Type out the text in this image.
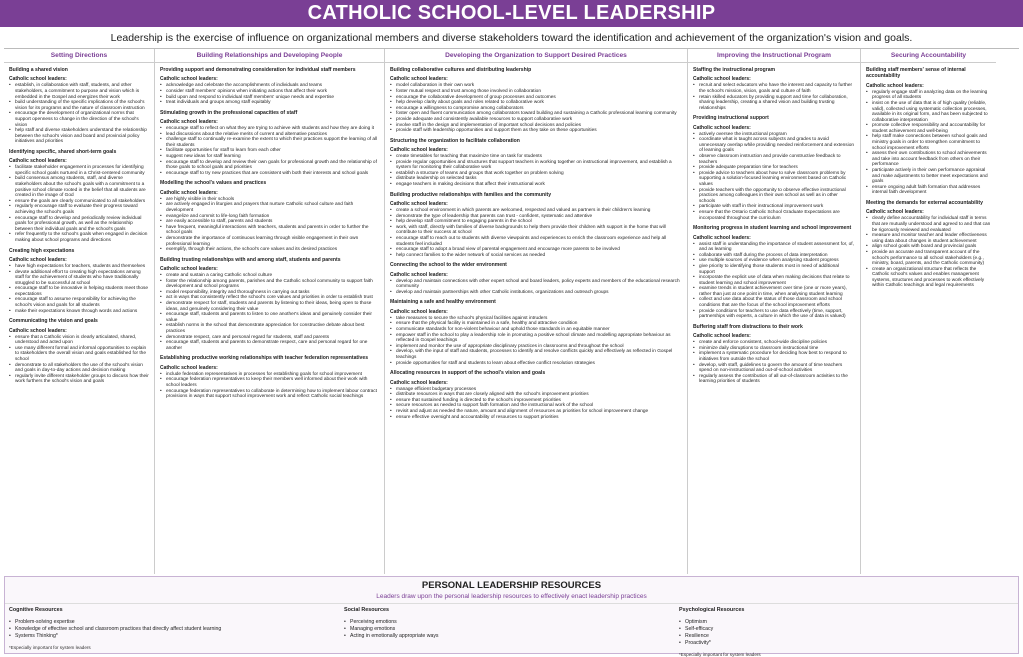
CATHOLIC SCHOOL-LEVEL LEADERSHIP
Leadership is the exercise of influence on organizational members and diverse stakeholders toward the identification and achievement of the organization's vision and goals.
Setting Directions
Building a shared vision
Catholic school leaders:
• establish, in collaboration with staff, students, and other stakeholders, a commitment to purpose and vision which is embedded in the Gospel and energizes their work
• build understanding of the specific implications of the school's vision for its programs and the nature of classroom instruction
• encourage the development of organizational norms that support openness to change in the direction of the school's vision
• help staff and diverse stakeholders understand the relationship between the school's vision and board and provincial policy initiatives and priorities
Identifying specific, shared short-term goals
Catholic school leaders:
• facilitate stakeholder engagement in processes for identifying specific school goals nurtured in a Christ-centered community
• build consensus among students, staff, and diverse stakeholders about the school's goals with a commitment to a positive school climate rooted in the belief that all students are created in the image of God
• ensure the goals are clearly communicated to all stakeholders
• regularly encourage staff to evaluate their progress toward achieving the school's goals
• encourage staff to develop and periodically review individual goals for professional growth, as well as the relationship between their individual goals and the school's goals
• refer frequently to the school's goals when engaged in decision making about school programs and directions
Creating high expectations
Catholic school leaders:
• have high expectations for teachers, students and themselves
• devote additional effort to creating high expectations among staff for the achievement of students who have traditionally struggled to be successful at school
• encourage staff to be innovative in helping students meet those expectations
• encourage staff to assume responsibility for achieving the school's vision and goals for all students
• make their expectations known through words and actions
Communicating the vision and goals
Catholic school leaders:
• ensure that a Catholic vision is clearly articulated, shared, understood and acted upon
• use many different formal and informal opportunities to explain to stakeholders the overall vision and goals established for the school
• demonstrate to all stakeholders the use of the school's vision and goals in day-to-day actions and decision making
• regularly invite different stakeholder groups to discuss how their work furthers the school's vision and goals
Building Relationships and Developing People
Providing support and demonstrating consideration for individual staff members
Catholic school leaders:
• acknowledge and celebrate the accomplishments of individuals and teams
• consider staff members' opinions when initiating actions that affect their work
• build upon and respond to individual staff members' unique needs and expertise
• treat individuals and groups among staff equitably
Stimulating growth in the professional capacities of staff
Catholic school leaders:
• encourage staff to reflect on what they are trying to achieve with students and how they are doing it
• lead discussions about the relative merits of current and alternative practices
• challenge staff to continually re-examine the extent to which their practices support the learning of all their students
• facilitate opportunities for staff to learn from each other
• suggest new ideas for staff learning
• encourage staff to develop and review their own goals for professional growth and the relationship of those goals to school goals and priorities
• encourage staff to try new practices that are consistent with both their interests and school goals
Modelling the school's values and practices
Catholic school leaders:
• are highly visible in their schools
• are actively engaged in liturgies and prayers that nurture Catholic school culture and faith development
• evangelize and commit to life-long faith formation
• are easily accessible to staff, parents and students
• have frequent, meaningful interactions with teachers, students and parents in order to further the school goals
• demonstrate the importance of continuous learning through visible engagement in their own professional learning
• exemplify, through their actions, the school's core values and its desired practices
Building trusting relationships with and among staff, students and parents
Catholic school leaders:
• create and sustain a caring Catholic school culture
• foster the relationship among parents, parishes and the Catholic school community to support faith development and school programs
• model responsibility, integrity and thoroughness in carrying out tasks
• act in ways that consistently reflect the school's core values and priorities in order to establish trust
• demonstrate respect for staff, students and parents by listening to their ideas, being open to those ideas, and genuinely considering their value
• encourage staff, students and parents to listen to one another's ideas and genuinely consider their value
• establish norms in the school that demonstrate appreciation for constructive debate about best practices
• demonstrate respect, care and personal regard for students, staff and parents
• encourage staff, students and parents to demonstrate respect, care and personal regard for one another
Establishing productive working relationships with teacher federation representatives
Catholic school leaders:
• include federation representatives in processes for establishing goals for school improvement
• encourage federation representatives to keep their members well informed about their work with school leaders
• encourage federation representatives to collaborate in determining how to implement labour contract provisions in ways that support school improvement work and reflect Catholic social teachings
Developing the Organization to Support Desired Practices
Building collaborative cultures and distributing leadership
Catholic school leaders:
• model collaboration in their own work
• foster mutual respect and trust among those involved in collaboration
• encourage the collaborative development of group processes and outcomes
• help develop clarity about goals and roles related to collaborative work
• encourage a willingness to compromise among collaborators
• foster open and fluent communication among collaborators toward building and sustaining a Catholic professional learning community
• provide adequate and consistently available resources to support collaborative work
• involve staff in the design and implementation of important school decisions and policies
• provide staff with leadership opportunities and support them as they take on these opportunities
Structuring the organization to facilitate collaboration
Catholic school leaders:
• create timetables for teaching that maximize time on task for students
• provide regular opportunities and structures that support teachers in working together on instructional improvement, and establish a system for monitoring their collaborative work
• establish a structure of teams and groups that work together on problem solving
• distribute leadership on selected tasks
• engage teachers in making decisions that affect their instructional work
Building productive relationships with families and the community
Catholic school leaders:
• create a school environment in which parents are welcomed, respected and valued as partners in their children's learning
• demonstrate the type of leadership that parents can trust - confident, systematic and attentive
• help develop staff commitment to engaging parents in the school
• work, with staff, directly with families of diverse backgrounds to help them provide their children with support in the home that will contribute to their success at school
• encourage staff to reach out to students with diverse viewpoints and experiences to enrich the classroom experience and help all students feel included
• encourage staff to adopt a broad view of parental engagement and encourage more parents to be involved
• help connect families to the wider network of social services as needed
Connecting the school to the wider environment
Catholic school leaders:
• develop and maintain connections with other expert school and board leaders, policy experts and members of the educational research community
• develop and maintain partnerships with other Catholic institutions, organizations and outreach groups
Maintaining a safe and healthy environment
Catholic school leaders:
• take measures to secure the school's physical facilities against intruders
• ensure that the physical facility is maintained in a safe, healthy and attractive condition
• communicate standards for non-violent behaviour and uphold those standards in an equitable manner
• empower staff in the school to play a leadership role in promoting a positive school climate and modelling appropriate behaviour as reflected in Gospel teachings
• implement and monitor the use of appropriate disciplinary practices in classrooms and throughout the school
• develop, with the input of staff and students, processes to identify and resolve conflicts quickly and effectively as reflected in Gospel teachings
• provide opportunities for staff and students to learn about effective conflict resolution strategies
Allocating resources in support of the school's vision and goals
Catholic school leaders:
• manage efficient budgetary processes
• distribute resources in ways that are closely aligned with the school's improvement priorities
• ensure that sustained funding is directed to the school's improvement priorities
• secure resources as needed to support faith formation and the instructional work of the school
• revisit and adjust as needed the nature, amount and alignment of resources as priorities for school improvement change
• ensure effective oversight and accountability of resources to support priorities
Improving the Instructional Program
Staffing the instructional program
Catholic school leaders:
• recruit and select educators who have the interest and capacity to further the school's mission, vision, goals and culture of faith
• retain skilled educators by providing support and time for collaboration, sharing leadership, creating a shared vision and building trusting relationships
Providing instructional support
Catholic school leaders:
• actively oversee the instructional program
• coordinate what is taught across subjects and grades to avoid unnecessary overlap while providing needed reinforcement and extension of learning goals
• observe classroom instruction and provide constructive feedback to teachers
• provide adequate preparation time for teachers
• provide advice to teachers about how to solve classroom problems by supporting a solution-focused learning environment based on Catholic values
• provide teachers with the opportunity to observe effective instructional practices among colleagues in their own school as well as in other schools
• participate with staff in their instructional improvement work
• ensure that the Ontario Catholic School Graduate Expectations are incorporated throughout the curriculum
Monitoring progress in student learning and school improvement
Catholic school leaders:
• assist staff in understanding the importance of student assessment for, of, and as learning
• collaborate with staff during the process of data interpretation
• use multiple sources of evidence when analysing student progress
• give priority to identifying those students most in need of additional support
• incorporate the explicit use of data when making decisions that relate to student learning and school improvement
• examine trends in student achievement over time (one or more years), rather than just at one point in time, when analysing student learning
• collect and use data about the status of those classroom and school conditions that are the focus of the school improvement efforts
• provide conditions for teachers to use data effectively (time, support, partnerships with experts, a culture in which the use of data is valued)
Buffering staff from distractions to their work
Catholic school leaders:
• create and enforce consistent, school-wide discipline policies
• minimize daily disruptions to classroom instructional time
• implement a systematic procedure for deciding how best to respond to initiatives from outside the school
• develop, with staff, guidelines to govern the amount of time teachers spend on non-instructional and out-of-school activities
• regularly assess the contribution of all out-of-classroom activities to the learning priorities of students
Securing Accountability
Building staff members' sense of internal accountability
Catholic school leaders:
• regularly engage staff in analyzing data on the learning progress of all students
• insist on the use of data that is of high quality (reliable, valid), collected using systematic collection processes, available in its original form, and has been subjected to collaborative interpretation
• promote collective responsibility and accountability for student achievement and well-being
• help staff make connections between school goals and ministry goals in order to strengthen commitment to school improvement efforts
• assess their own contributions to school achievements and take into account feedback from others on their performance
• participate actively in their own performance appraisal and make adjustments to better meet expectations and goals
• ensure ongoing adult faith formation that addresses internal faith development
Meeting the demands for external accountability
Catholic school leaders:
• clearly define accountability for individual staff in terms that are mutually understood and agreed to and that can be rigorously reviewed and evaluated
• measure and monitor teacher and leader effectiveness using data about changes in student achievement
• align school goals with board and provincial goals
• provide an accurate and transparent account of the school's performance to all school stakeholders (e.g., ministry, board, parents, and the Catholic community)
• create an organizational structure that reflects the Catholic school's values and enables management systems, structures and processes to work effectively within Catholic teachings and legal requirements
PERSONAL LEADERSHIP RESOURCES
Leaders draw upon the personal leadership resources to effectively enact leadership practices
Cognitive Resources
• Problem-solving expertise
• Knowledge of effective school and classroom practices that directly affect student learning
• Systems Thinking*
*Especially important for system leaders
Social Resources
• Perceiving emotions
• Managing emotions
• Acting in emotionally appropriate ways
Psychological Resources
• Optimism
• Self-efficacy
• Resilience
• Proactivity*
*Especially important for system leaders
